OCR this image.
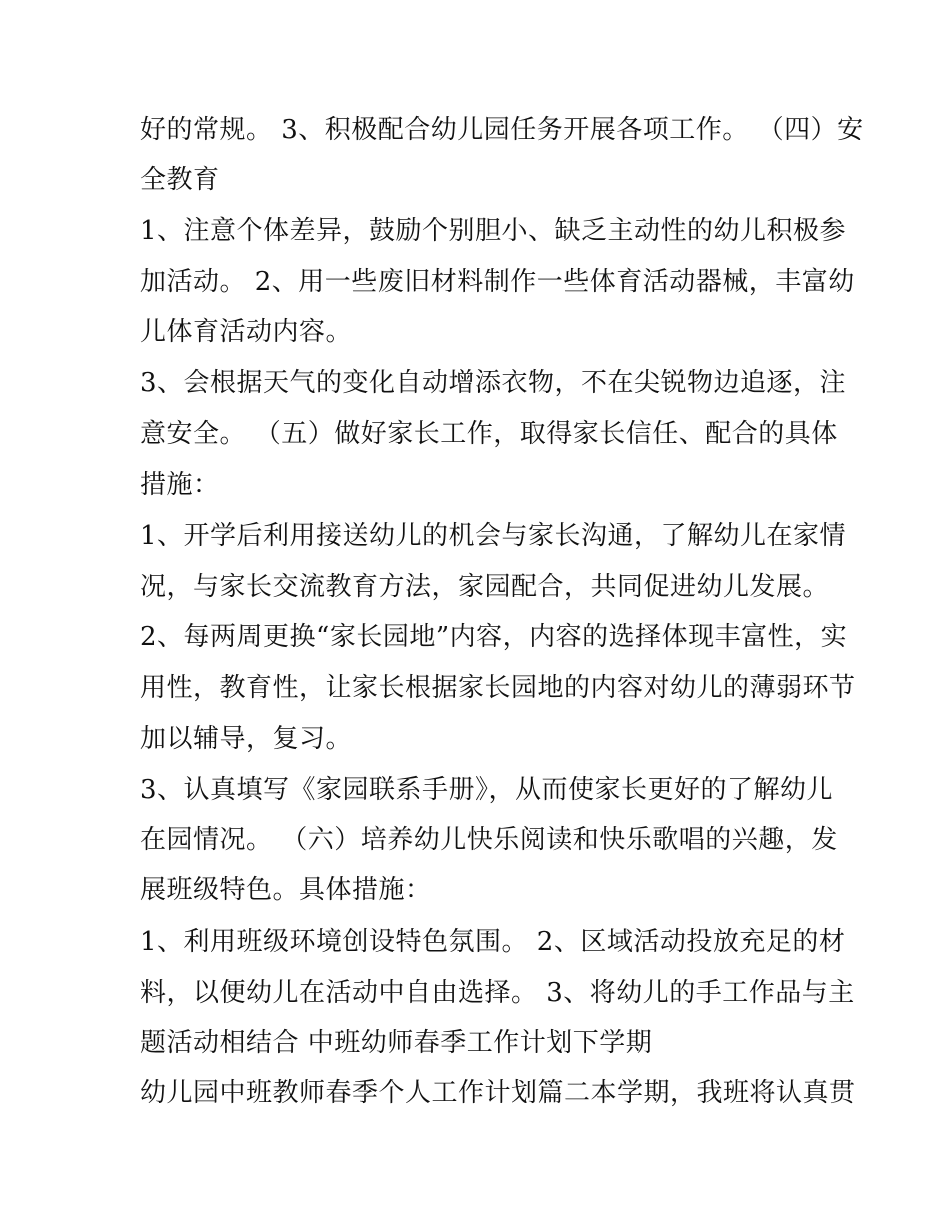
好的常规。 3、积极配合幼儿园任务开展各项工作。 （四）安
全教育
1、注意个体差异，鼓励个别胆小、缺乏主动性的幼儿积极参
加活动。 2、用一些废旧材料制作一些体育活动器械，丰富幼
儿体育活动内容。
3、会根据天气的变化自动增添衣物，不在尖锐物边追逐，注
意安全。 （五）做好家长工作，取得家长信任、配合的具体
措施：
1、开学后利用接送幼儿的机会与家长沟通，了解幼儿在家情
况，与家长交流教育方法，家园配合，共同促进幼儿发展。
2、每两周更换“家长园地”内容，内容的选择体现丰富性，实
用性，教育性，让家长根据家长园地的内容对幼儿的薄弱环节
加以辅导，复习。
3、认真填写《家园联系手册》，从而使家长更好的了解幼儿
在园情况。 （六）培养幼儿快乐阅读和快乐歌唱的兴趣，发
展班级特色。具体措施：
1、利用班级环境创设特色氛围。 2、区域活动投放充足的材
料，以便幼儿在活动中自由选择。 3、将幼儿的手工作品与主
题活动相结合 中班幼师春季工作计划下学期
幼儿园中班教师春季个人工作计划篇二本学期，我班将认真贯
